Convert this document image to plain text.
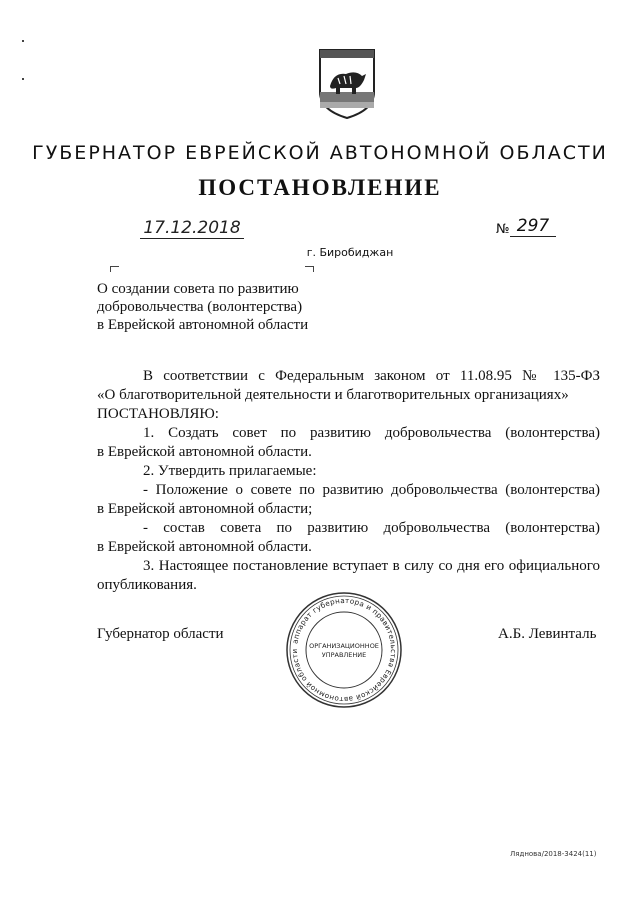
ГУБЕРНАТОР ЕВРЕЙСКОЙ АВТОНОМНОЙ ОБЛАСТИ
ПОСТАНОВЛЕНИЕ
17.12.2018	№ 297
г. Биробиджан
О создании совета по развитию
добровольчества (волонтерства)
в Еврейской автономной области

В соответствии с Федеральным законом от 11.08.95 № 135-ФЗ

«О благотворительной деятельности и благотворительных организациях»

ПОСТАНОВЛЯЮ:

1. Создать совет по развитию добровольчества (волонтерства)

в Еврейской автономной области.

2. Утвердить прилагаемые:

- Положение о совете по развитию добровольчества (волонтерства)

в Еврейской автономной области;

- состав совета по развитию добровольчества (волонтерства)

в Еврейской автономной области.

3. Настоящее постановление вступает в силу со дня его официального

опубликования.

Губернатор области	А.Б. Левинталь
аппарат губернатора и правительства Еврейской автономной области
ОРГАНИЗАЦИОННОЕ
УПРАВЛЕНИЕ
Ляднова/2018-3424(11)
